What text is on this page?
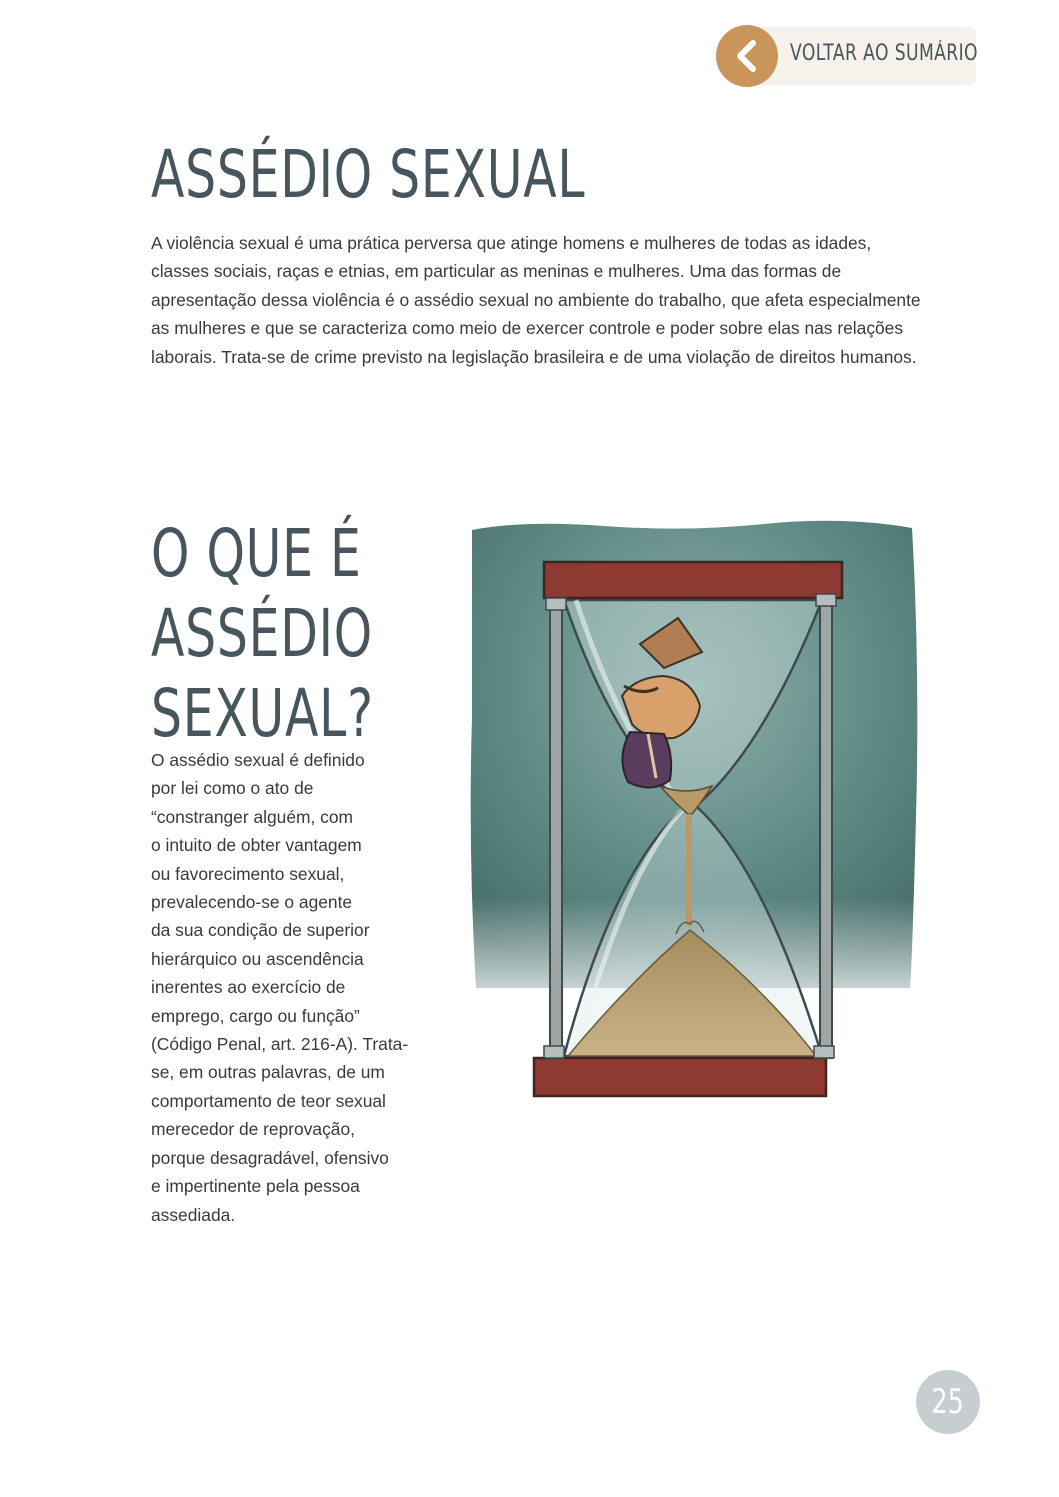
VOLTAR AO SUMÁRIO
ASSÉDIO SEXUAL

A violência sexual é uma prática perversa que atinge homens e mulheres de todas as idades, classes sociais, raças e etnias, em particular as meninas e mulheres. Uma das formas de apresentação dessa violência é o assédio sexual no ambiente do trabalho, que afeta especialmente as mulheres e que se caracteriza como meio de exercer controle e poder sobre elas nas relações laborais. Trata-se de crime previsto na legislação brasileira e de uma violação de direitos humanos.

O QUE É
ASSÉDIO
SEXUAL?

O assédio sexual é definido
por lei como o ato de
“constranger alguém, com
o intuito de obter vantagem
ou favorecimento sexual,
prevalecendo-se o agente
da sua condição de superior
hierárquico ou ascendência
inerentes ao exercício de
emprego, cargo ou função”
(Código Penal, art. 216-A). Trata-
se, em outras palavras, de um
comportamento de teor sexual
merecedor de reprovação,
porque desagradável, ofensivo
e impertinente pela pessoa
assediada.

25
